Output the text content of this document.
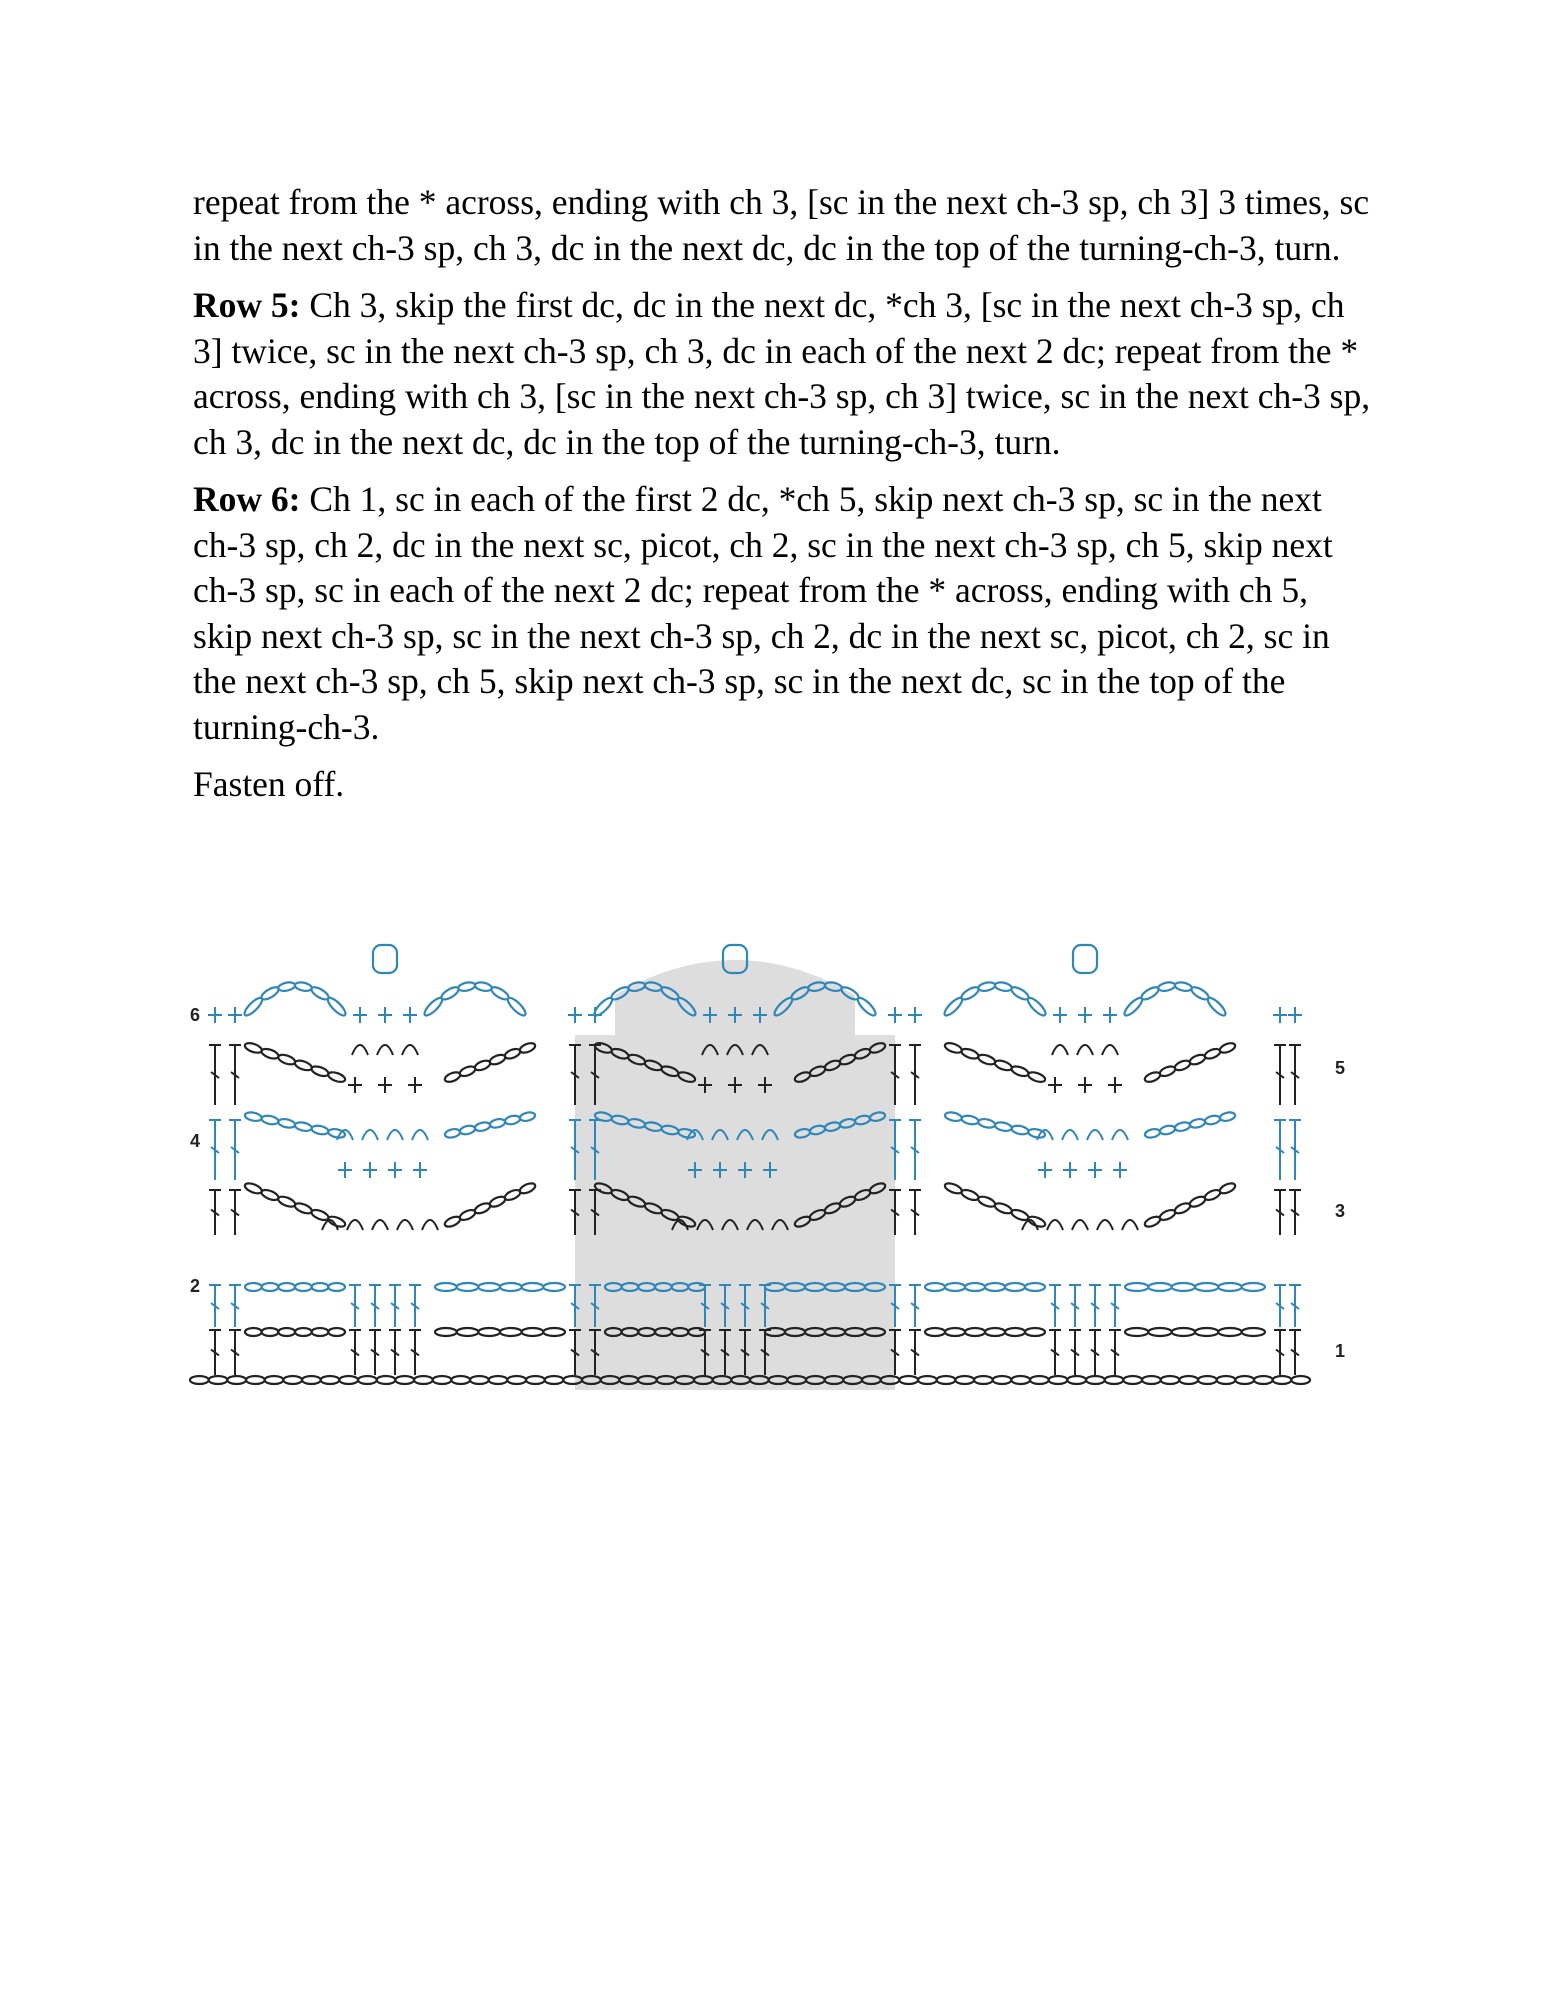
repeat from the * across, ending with ch 3, [sc in the next ch-3 sp, ch 3] 3 times, sc in the next ch-3 sp, ch 3, dc in the next dc, dc in the top of the turning-ch-3, turn.

Row 5: Ch 3, skip the first dc, dc in the next dc, *ch 3, [sc in the next ch-3 sp, ch 3] twice, sc in the next ch-3 sp, ch 3, dc in each of the next 2 dc; repeat from the * across, ending with ch 3, [sc in the next ch-3 sp, ch 3] twice, sc in the next ch-3 sp, ch 3, dc in the next dc, dc in the top of the turning-ch-3, turn.

Row 6: Ch 1, sc in each of the first 2 dc, *ch 5, skip next ch-3 sp, sc in the next ch-3 sp, ch 2, dc in the next sc, picot, ch 2, sc in the next ch-3 sp, ch 5, skip next ch-3 sp, sc in each of the next 2 dc; repeat from the * across, ending with ch 5, skip next ch-3 sp, sc in the next ch-3 sp, ch 2, dc in the next sc, picot, ch 2, sc in the next ch-3 sp, ch 5, skip next ch-3 sp, sc in the next dc, sc in the top of the turning-ch-3.

Fasten off.

6
4
2
5
3
1
